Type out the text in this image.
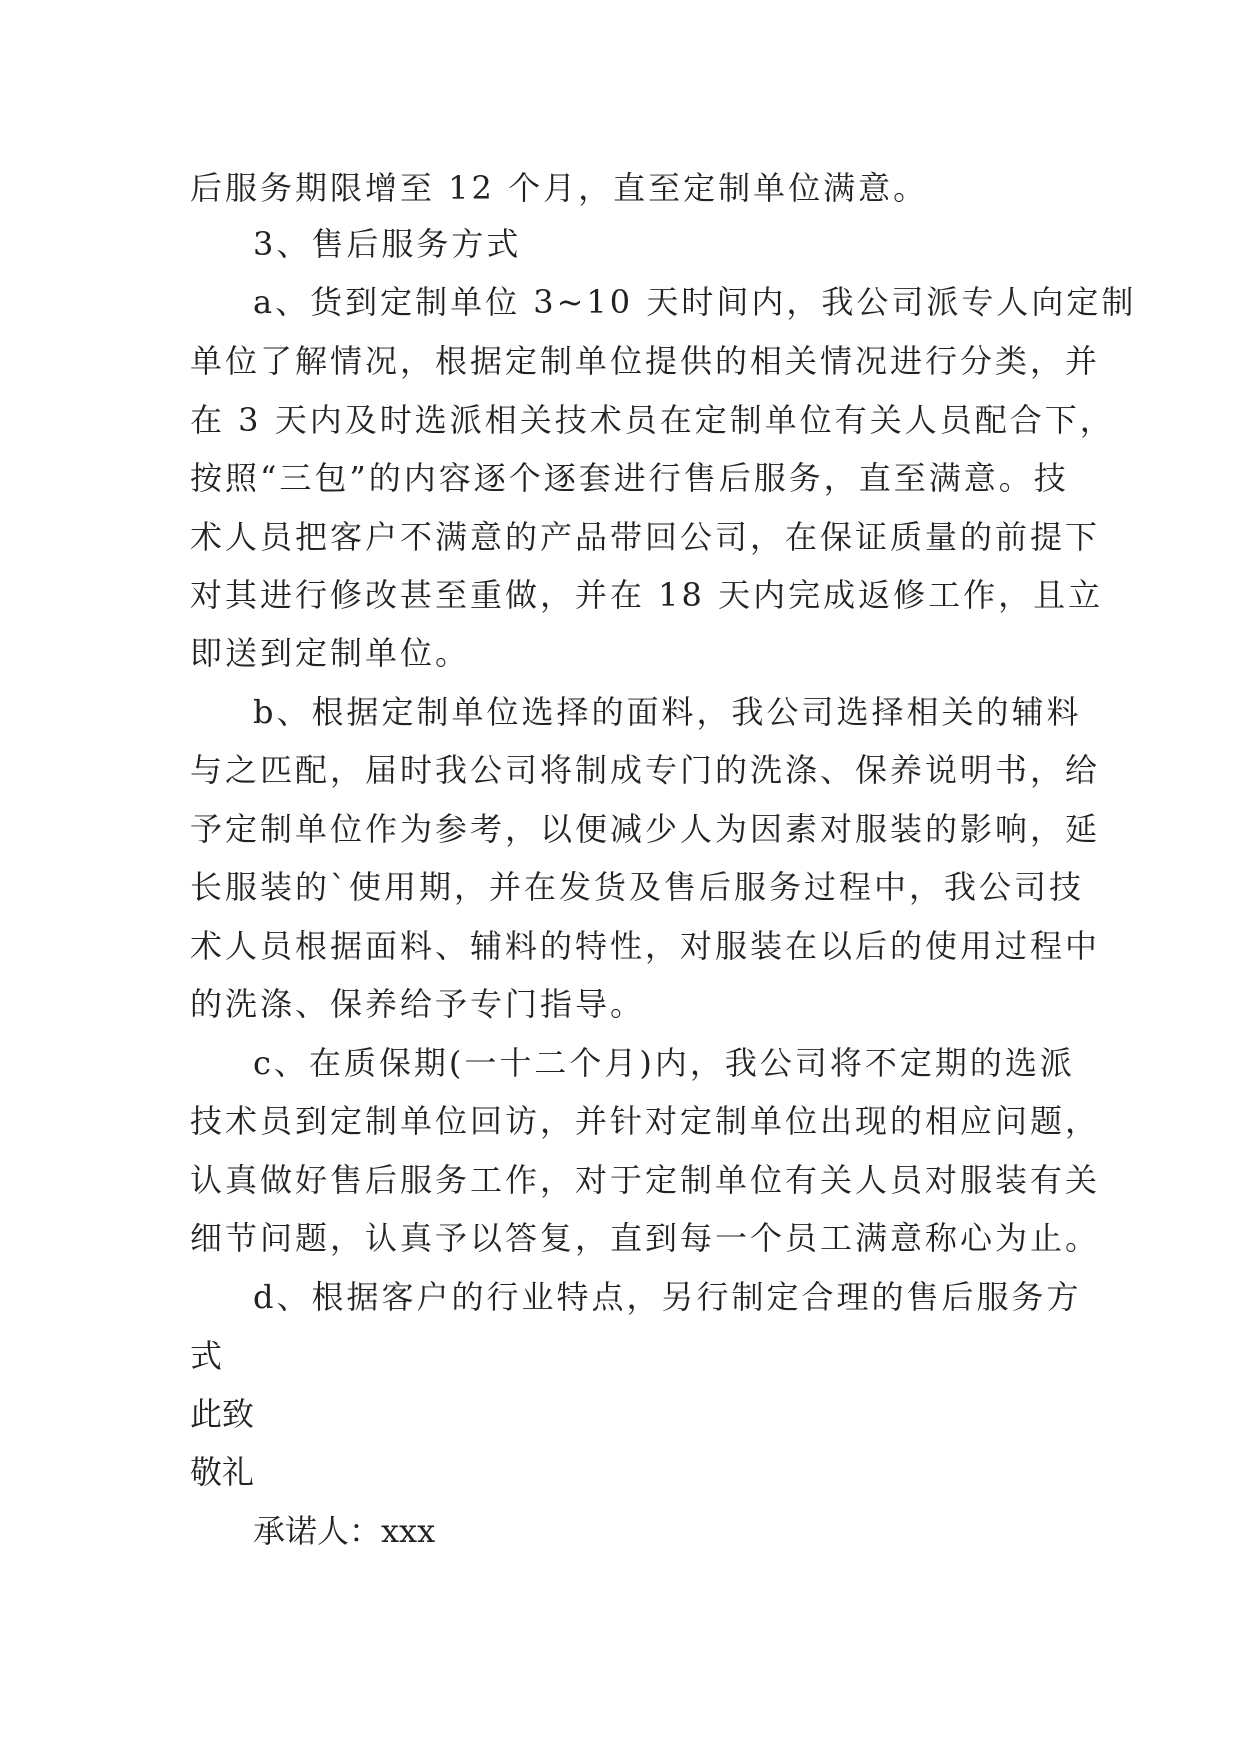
后服务期限增至 12 个月，直至定制单位满意。
3、售后服务方式
a、货到定制单位 3~10 天时间内，我公司派专人向定制
单位了解情况，根据定制单位提供的相关情况进行分类，并
在 3 天内及时选派相关技术员在定制单位有关人员配合下，
按照“三包”的内容逐个逐套进行售后服务，直至满意。技
术人员把客户不满意的产品带回公司，在保证质量的前提下
对其进行修改甚至重做，并在 18 天内完成返修工作，且立
即送到定制单位。
b、根据定制单位选择的面料，我公司选择相关的辅料
与之匹配，届时我公司将制成专门的洗涤、保养说明书，给
予定制单位作为参考，以便减少人为因素对服装的影响，延
长服装的`使用期，并在发货及售后服务过程中，我公司技
术人员根据面料、辅料的特性，对服装在以后的使用过程中
的洗涤、保养给予专门指导。
c、在质保期(一十二个月)内，我公司将不定期的选派
技术员到定制单位回访，并针对定制单位出现的相应问题，
认真做好售后服务工作，对于定制单位有关人员对服装有关
细节问题，认真予以答复，直到每一个员工满意称心为止。
d、根据客户的行业特点，另行制定合理的售后服务方
式
此致
敬礼
承诺人：xxx
